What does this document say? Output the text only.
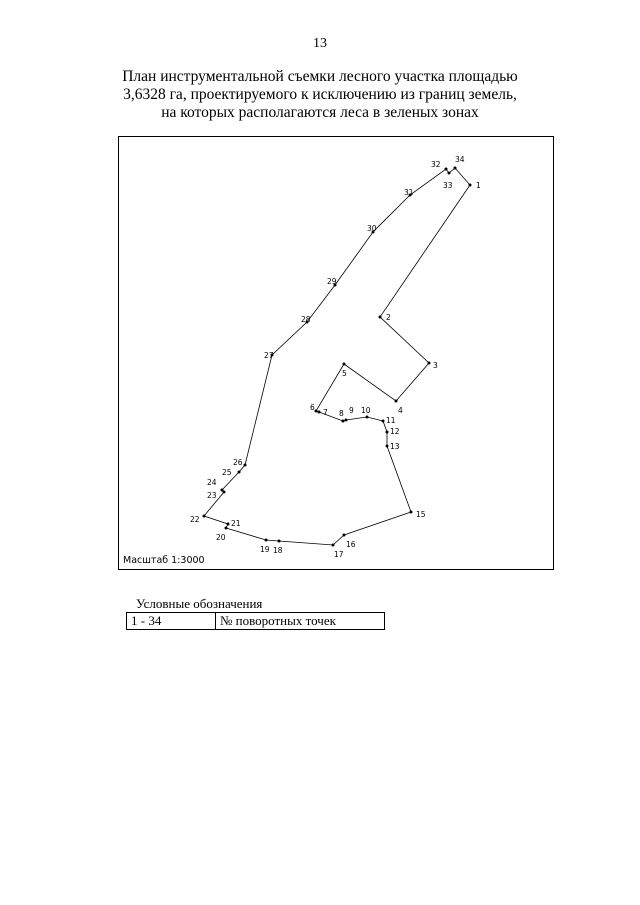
13
План инструментальной съемки лесного участка площадью
3,6328 га, проектируемого к исключению из границ земель,
на которых располагаются леса в зеленых зонах
1
2
3
4
5
6
7 8 9 10
11
12
13
15
16
17
18
19
20
21
22
23
24
25
26
27
28
29
30
31
32
33
34
Масштаб 1:3000
Условные обозначения
1 - 34	№ поворотных точек
